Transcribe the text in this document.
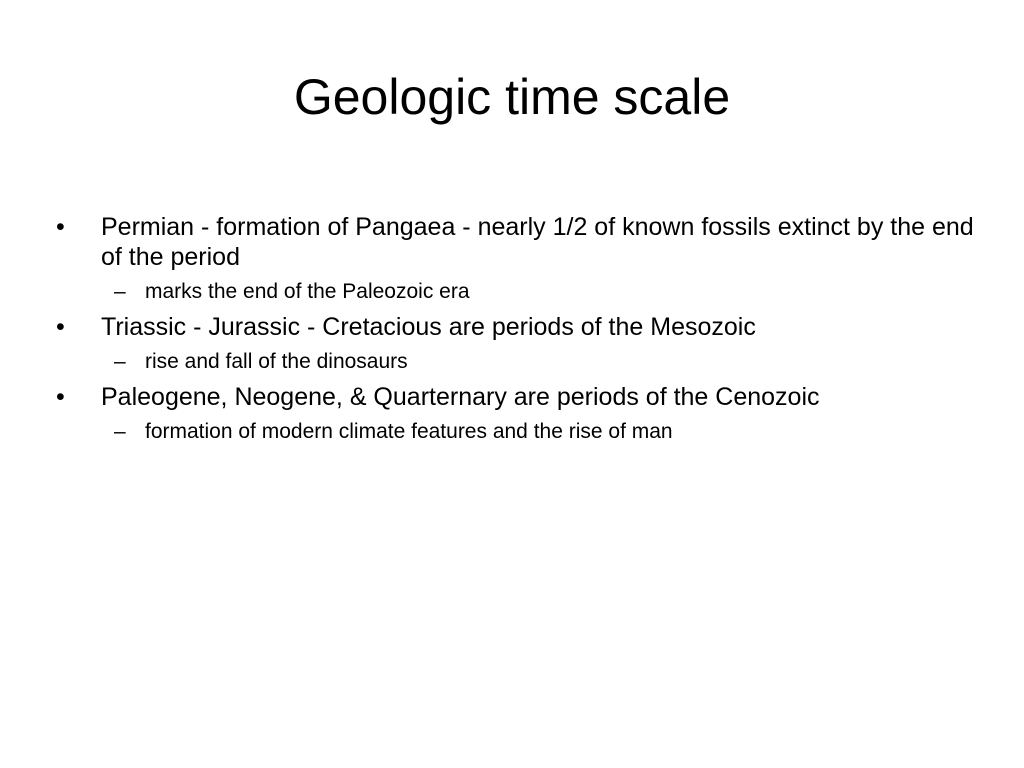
Geologic time scale

• Permian - formation of Pangaea - nearly 1/2 of known fossils extinct by the end of the period

– marks the end of the Paleozoic era

• Triassic - Jurassic - Cretacious are periods of the Mesozoic

– rise and fall of the dinosaurs

• Paleogene, Neogene, & Quarternary are periods of the Cenozoic

– formation of modern climate features and the rise of man
